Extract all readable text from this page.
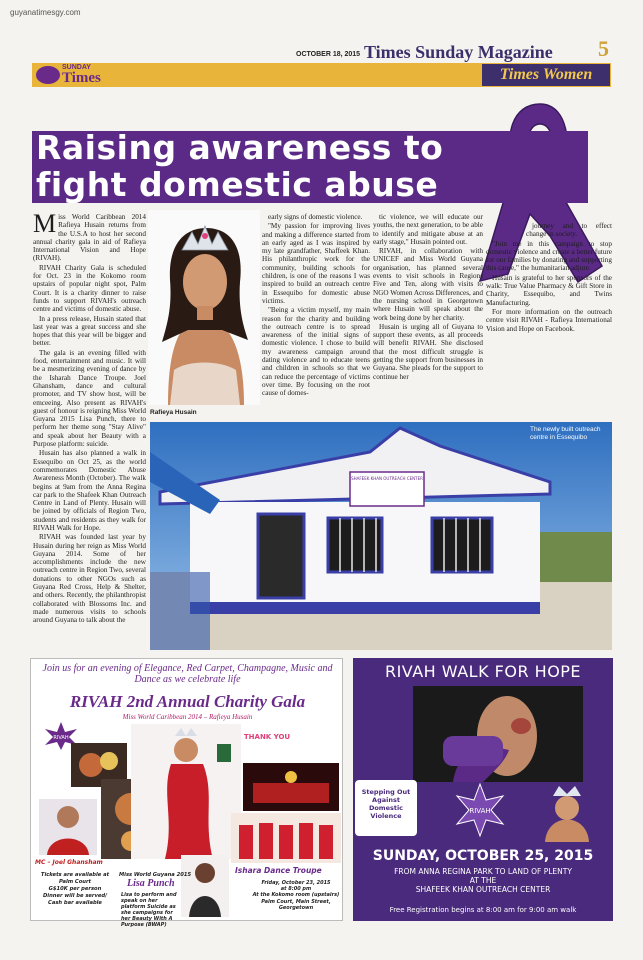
guyanatimesgy.com
OCTOBER 18, 2015 Times Sunday Magazine 5
SUNDAY
Times	Times Women
Raising awareness to
fight domestic abuse

Miss World Caribbean 2014 Rafieya Husain returns from the U.S.A to host her second annual charity gala in aid of Rafieya International Vision and Hope (RIVAH).

RIVAH Charity Gala is scheduled for Oct. 23 in the Kokomo room upstairs of popular night spot, Palm Court. It is a charity dinner to raise funds to support RIVAH's outreach centre and victims of domestic abuse.

In a press release, Husain stated that last year was a great success and she hopes that this year will be bigger and better.

The gala is an evening filled with food, entertainment and music. It will be a mesmerizing evening of dance by the Isharah Dance Troupe. Joel Ghansham, dance and cultural promoter, and TV show host, will be emceeing. Also present as RIVAH's guest of honour is reigning Miss World Guyana 2015 Lisa Punch, there to perform her theme song "Stay Alive" and speak about her Beauty with a Purpose platform: suicide.

Husain has also planned a walk in Essequibo on Oct 25, as the world commemorates Domestic Abuse Awareness Month (October). The walk begins at 9am from the Anna Regina car park to the Shafeek Khan Outreach Centre in Land of Plenty. Husain will be joined by officials of Region Two, students and residents as they walk for RIVAH Walk for Hope.

RIVAH was founded last year by Husain during her reign as Miss World Guyana 2014. Some of her accomplishments include the new outreach centre in Region Two, several donations to other NGOs such as Guyana Red Cross, Help & Shelter, and others. Recently, the philanthropist collaborated with Blossoms Inc. and made numerous visits to schools around Guyana to talk about the

Rafieya Husain

early signs of domestic violence.

"My passion for improving lives and making a difference started from an early aged as I was inspired by my late grandfather, Shaffeek Khan. His philanthropic work for the community, building schools for children, is one of the reasons I was inspired to build an outreach centre in Essequibo for domestic abuse victims.

"Being a victim myself, my main reason for the charity and building the outreach centre is to spread awareness of the initial signs of domestic violence. I chose to build my awareness campaign around dating violence and to educate teens and children in schools so that we can reduce the percentage of victims over time. By focusing on the root cause of domes-

tic violence, we will educate our youths, the next generation, to be able to identify and mitigate abuse at an early stage," Husain pointed out.

RIVAH, in collaboration with UNICEF and Miss World Guyana organisation, has planned several events to visit schools in Regions Five and Ten, along with visits to NGO Women Across Differences, and the nursing school in Georgetown where Husain will speak about the work being done by her charity.

Husain is urging all of Guyana to support these events, as all proceeds will benefit RIVAH. She disclosed that the most difficult struggle is getting the support from businesses in Guyana. She pleads for the support to continue her

journey and to effect change in society.

"Join me in this campaign to stop domestic violence and create a better future for our families by donating and supporting this cause," the humanitarian adjure.

Husain is grateful to her sponsors of the walk: True Value Pharmacy & Gift Store in Charity, Essequibo, and Twins Manufacturing.

For more information on the outreach centre visit RIVAH - Rafieya International Vision and Hope on Facebook.

SHAFEEK KHAN OUTREACH CENTER
The newly built outreach centre in Essequibo
Join us for an evening of Elegance, Red Carpet, Champagne, Music and Dance as we celebrate life
RIVAH 2nd Annual Charity Gala
Miss World Caribbean 2014 – Rafieya Husain
RIVAH	THANK YOU
MC – Joel Ghansham
Tickets are available at
Palm Court
G$10K per person
Dinner will be served/
Cash bar available
Miss World Guyana 2015
Lisa Punch
Lisa to perform and speak on her platform Suicide as she campaigns for her Beauty With A Purpose (BWAP)
Ishara Dance Troupe
Friday, October 23, 2015
at 8:00 pm
At the Kokomo room (upstairs)
Palm Court, Main Street,
Georgetown
RIVAH WALK FOR HOPE
Stepping Out Against Domestic Violence
RIVAH
SUNDAY, OCTOBER 25, 2015
FROM ANNA REGINA PARK TO LAND OF PLENTY
AT THE
SHAFEEK KHAN OUTREACH CENTER
Free Registration begins at 8:00 am for 9:00 am walk
